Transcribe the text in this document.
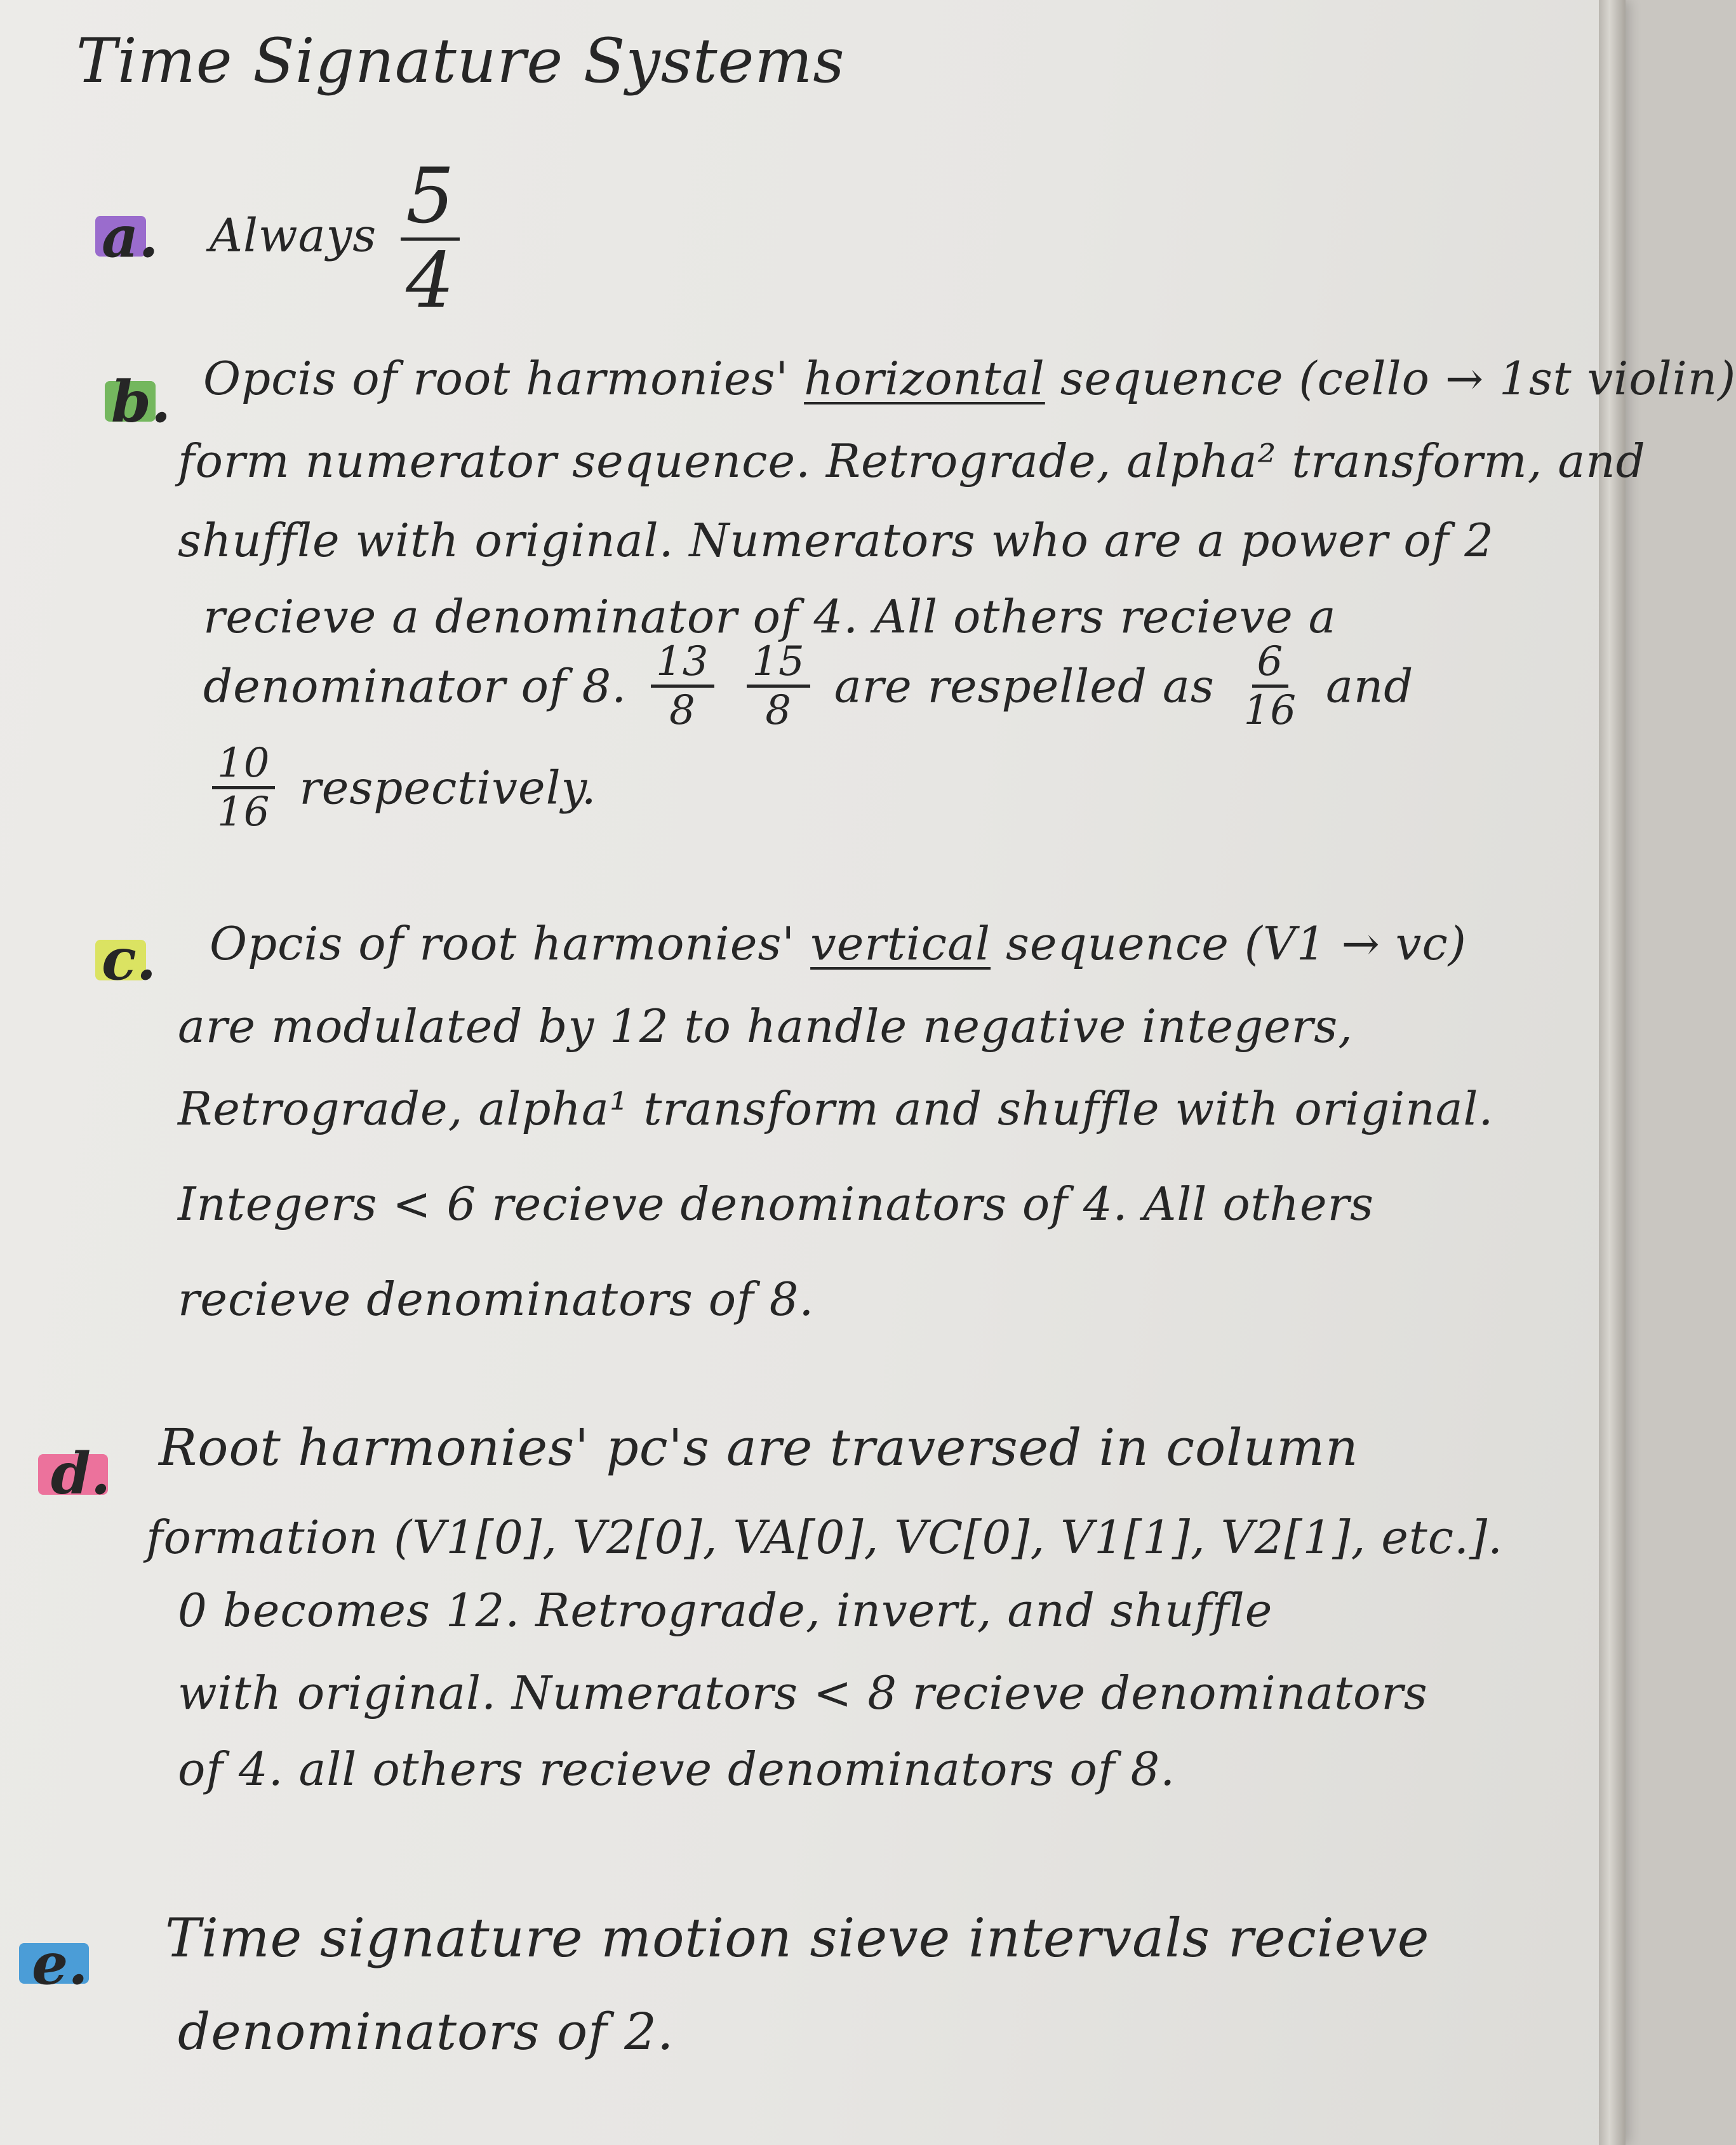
Time Signature Systems
a. Always $\frac{5}{4}$
b. Opcis of root harmonies' horizontal sequence (cello → 1st violin)
form numerator sequence. Retrograde, alpha² transform, and
shuffle with original. Numerators who are a power of 2
recieve a denominator of 4. All others recieve a
denominator of 8. $\frac{13}{8}$
$\frac{15}{8}$ are respelled as $\frac{6}{16}$ and
$\frac{10}{16}$ respectively.
c. Opcis of root harmonies' vertical sequence (V1 → vc)
are modulated by 12 to handle negative integers,
Retrograde, alpha¹ transform and shuffle with original.
Integers < 6 recieve denominators of 4. All others
recieve denominators of 8.
d. Root harmonies' pc's are traversed in column
formation (V1[0], V2[0], VA[0], VC[0], V1[1], V2[1], etc.].
0 becomes 12. Retrograde, invert, and shuffle
with original. Numerators < 8 recieve denominators
of 4. all others recieve denominators of 8.
e. Time signature motion sieve intervals recieve
denominators of 2.
